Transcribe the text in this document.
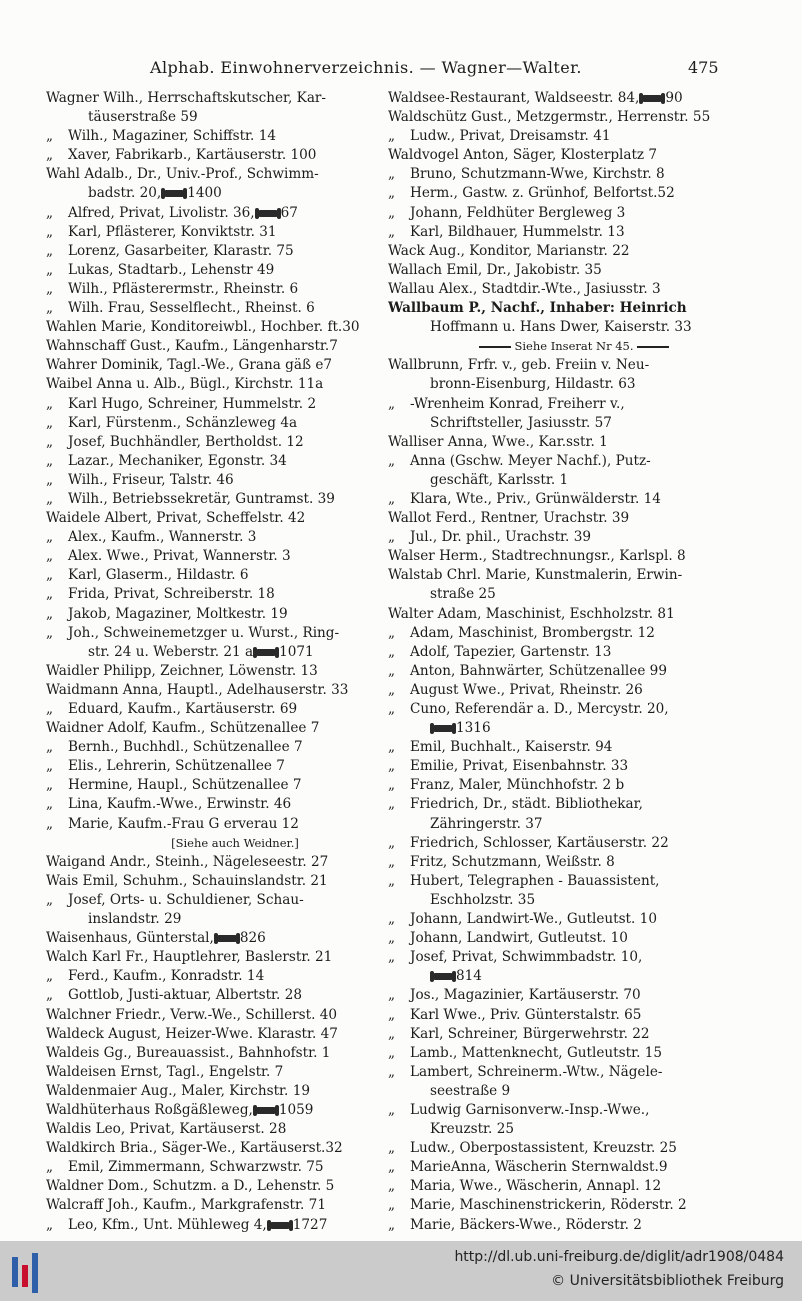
Alphab. Einwohnerverzeichnis. — Wagner—Walter.	475
Wagner Wilh., Herrschaftskutscher, Kar-
täuserstraße 59
„ Wilh., Magaziner, Schiffstr. 14
„ Xaver, Fabrikarb., Kartäuserstr. 100
Wahl Adalb., Dr., Univ.-Prof., Schwimm-
badstr. 20, 1400
„ Alfred, Privat, Livolistr. 36, 67
„ Karl, Pflästerer, Konviktstr. 31
„ Lorenz, Gasarbeiter, Klarastr. 75
„ Lukas, Stadtarb., Lehenstr 49
„ Wilh., Pflästerermstr., Rheinstr. 6
„ Wilh. Frau, Sesselflecht., Rheinst. 6
Wahlen Marie, Konditoreiwbl., Hochber. ft.30
Wahnschaff Gust., Kaufm., Längenharstr.7
Wahrer Dominik, Tagl.-We., Grana gäß e7
Waibel Anna u. Alb., Bügl., Kirchstr. 11a
„ Karl Hugo, Schreiner, Hummelstr. 2
„ Karl, Fürstenm., Schänzleweg 4a
„ Josef, Buchhändler, Bertholdst. 12
„ Lazar., Mechaniker, Egonstr. 34
„ Wilh., Friseur, Talstr. 46
„ Wilh., Betriebssekretär, Guntramst. 39
Waidele Albert, Privat, Scheffelstr. 42
„ Alex., Kaufm., Wannerstr. 3
„ Alex. Wwe., Privat, Wannerstr. 3
„ Karl, Glaserm., Hildastr. 6
„ Frida, Privat, Schreiberstr. 18
„ Jakob, Magaziner, Moltkestr. 19
„ Joh., Schweinemetzger u. Wurst., Ring-
str. 24 u. Weberstr. 21 a 1071
Waidler Philipp, Zeichner, Löwenstr. 13
Waidmann Anna, Hauptl., Adelhauserstr. 33
„ Eduard, Kaufm., Kartäuserstr. 69
Waidner Adolf, Kaufm., Schützenallee 7
„ Bernh., Buchhdl., Schützenallee 7
„ Elis., Lehrerin, Schützenallee 7
„ Hermine, Haupl., Schützenallee 7
„ Lina, Kaufm.-Wwe., Erwinstr. 46
„ Marie, Kaufm.-Frau G erverau 12
[Siehe auch Weidner.]
Waigand Andr., Steinh., Nägeleseestr. 27
Wais Emil, Schuhm., Schauinslandstr. 21
„ Josef, Orts- u. Schuldiener, Schau-
inslandstr. 29
Waisenhaus, Günterstal, 826
Walch Karl Fr., Hauptlehrer, Baslerstr. 21
„ Ferd., Kaufm., Konradstr. 14
„ Gottlob, Justi-aktuar, Albertstr. 28
Walchner Friedr., Verw.-We., Schillerst. 40
Waldeck August, Heizer-Wwe. Klarastr. 47
Waldeis Gg., Bureauassist., Bahnhofstr. 1
Waldeisen Ernst, Tagl., Engelstr. 7
Waldenmaier Aug., Maler, Kirchstr. 19
Waldhüterhaus Roßgäßleweg, 1059
Waldis Leo, Privat, Kartäuserst. 28
Waldkirch Bria., Säger-We., Kartäuserst.32
„ Emil, Zimmermann, Schwarzwstr. 75
Waldner Dom., Schutzm. a D., Lehenstr. 5
Walcraff Joh., Kaufm., Markgrafenstr. 71
„ Leo, Kfm., Unt. Mühleweg 4, 1727
Waldsee-Restaurant, Waldseestr. 84, 90
Waldschütz Gust., Metzgermstr., Herrenstr. 55
„ Ludw., Privat, Dreisamstr. 41
Waldvogel Anton, Säger, Klosterplatz 7
„ Bruno, Schutzmann-Wwe, Kirchstr. 8
„ Herm., Gastw. z. Grünhof, Belfortst.52
„ Johann, Feldhüter Bergleweg 3
„ Karl, Bildhauer, Hummelstr. 13
Wack Aug., Konditor, Marianstr. 22
Wallach Emil, Dr., Jakobistr. 35
Wallau Alex., Stadtdir.-Wte., Jasiusstr. 3
Wallbaum P., Nachf., Inhaber: Heinrich
Hoffmann u. Hans Dwer, Kaiserstr. 33
Siehe Inserat Nr 45.
Wallbrunn, Frfr. v., geb. Freiin v. Neu-
bronn-Eisenburg, Hildastr. 63
„ -Wrenheim Konrad, Freiherr v.,
Schriftsteller, Jasiusstr. 57
Walliser Anna, Wwe., Kar.sstr. 1
„ Anna (Gschw. Meyer Nachf.), Putz-
geschäft, Karlsstr. 1
„ Klara, Wte., Priv., Grünwälderstr. 14
Wallot Ferd., Rentner, Urachstr. 39
„ Jul., Dr. phil., Urachstr. 39
Walser Herm., Stadtrechnungsr., Karlspl. 8
Walstab Chrl. Marie, Kunstmalerin, Erwin-
straße 25
Walter Adam, Maschinist, Eschholzstr. 81
„ Adam, Maschinist, Brombergstr. 12
„ Adolf, Tapezier, Gartenstr. 13
„ Anton, Bahnwärter, Schützenallee 99
„ August Wwe., Privat, Rheinstr. 26
„ Cuno, Referendär a. D., Mercystr. 20,
1316
„ Emil, Buchhalt., Kaiserstr. 94
„ Emilie, Privat, Eisenbahnstr. 33
„ Franz, Maler, Münchhofstr. 2 b
„ Friedrich, Dr., städt. Bibliothekar,
Zähringerstr. 37
„ Friedrich, Schlosser, Kartäuserstr. 22
„ Fritz, Schutzmann, Weißstr. 8
„ Hubert, Telegraphen - Bauassistent,
Eschholzstr. 35
„ Johann, Landwirt-We., Gutleutst. 10
„ Johann, Landwirt, Gutleutst. 10
„ Josef, Privat, Schwimmbadstr. 10,
814
„ Jos., Magazinier, Kartäuserstr. 70
„ Karl Wwe., Priv. Günterstalstr. 65
„ Karl, Schreiner, Bürgerwehrstr. 22
„ Lamb., Mattenknecht, Gutleutstr. 15
„ Lambert, Schreinerm.-Wtw., Nägele-
seestraße 9
„ Ludwig Garnisonverw.-Insp.-Wwe.,
Kreuzstr. 25
„ Ludw., Oberpostassistent, Kreuzstr. 25
„ MarieAnna, Wäscherin Sternwaldst.9
„ Maria, Wwe., Wäscherin, Annapl. 12
„ Marie, Maschinenstrickerin, Röderstr. 2
„ Marie, Bäckers-Wwe., Röderstr. 2
http://dl.ub.uni-freiburg.de/diglit/adr1908/0484
© Universitätsbibliothek Freiburg
